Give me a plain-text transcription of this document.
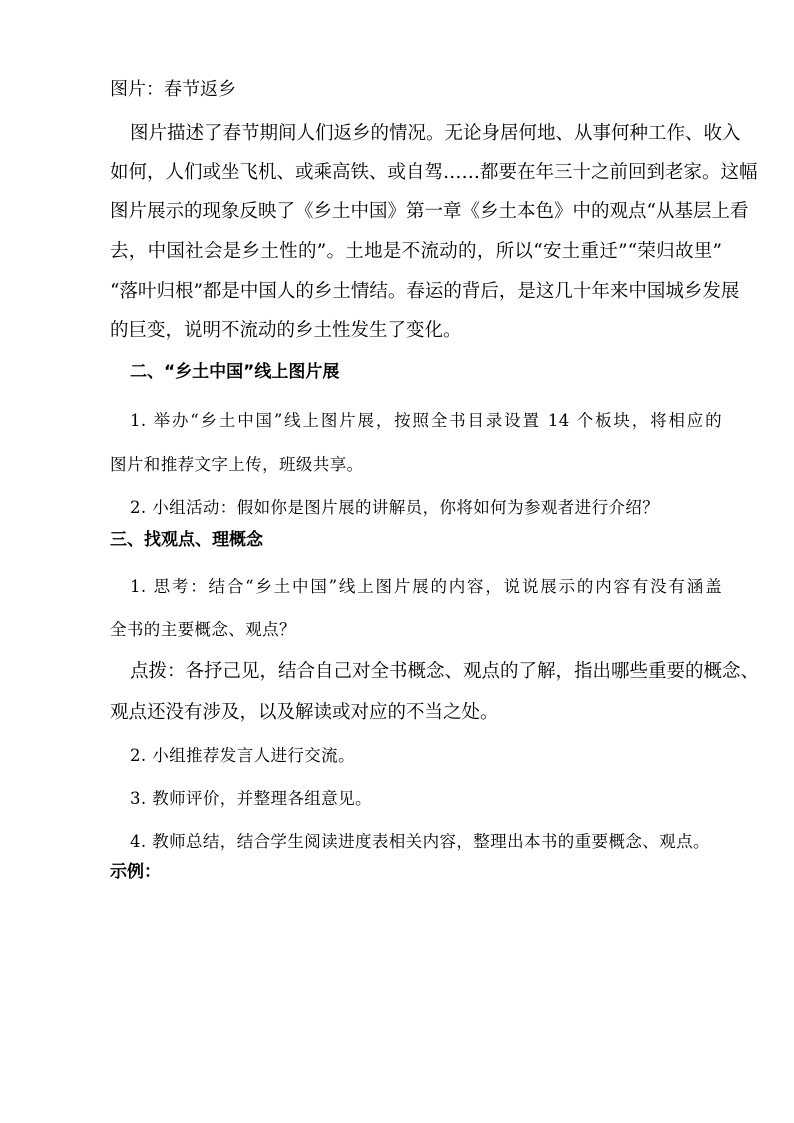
图片：春节返乡

图片描述了春节期间人们返乡的情况。无论身居何地、从事何种工作、收入

如何，人们或坐飞机、或乘高铁、或自驾……都要在年三十之前回到老家。这幅

图片展示的现象反映了《乡土中国》第一章《乡土本色》中的观点“从基层上看

去，中国社会是乡土性的”。土地是不流动的，所以“安土重迁”“荣归故里”

“落叶归根”都是中国人的乡土情结。春运的背后，是这几十年来中国城乡发展

的巨变，说明不流动的乡土性发生了变化。

二、“乡土中国”线上图片展

1. 举办“乡土中国”线上图片展，按照全书目录设置 14 个板块，将相应的

图片和推荐文字上传，班级共享。

2. 小组活动：假如你是图片展的讲解员，你将如何为参观者进行介绍？

三、找观点、理概念

1. 思考：结合“乡土中国”线上图片展的内容，说说展示的内容有没有涵盖

全书的主要概念、观点？

点拨：各抒己见，结合自己对全书概念、观点的了解，指出哪些重要的概念、

观点还没有涉及，以及解读或对应的不当之处。

2. 小组推荐发言人进行交流。

3. 教师评价，并整理各组意见。

4. 教师总结，结合学生阅读进度表相关内容，整理出本书的重要概念、观点。

示例：
